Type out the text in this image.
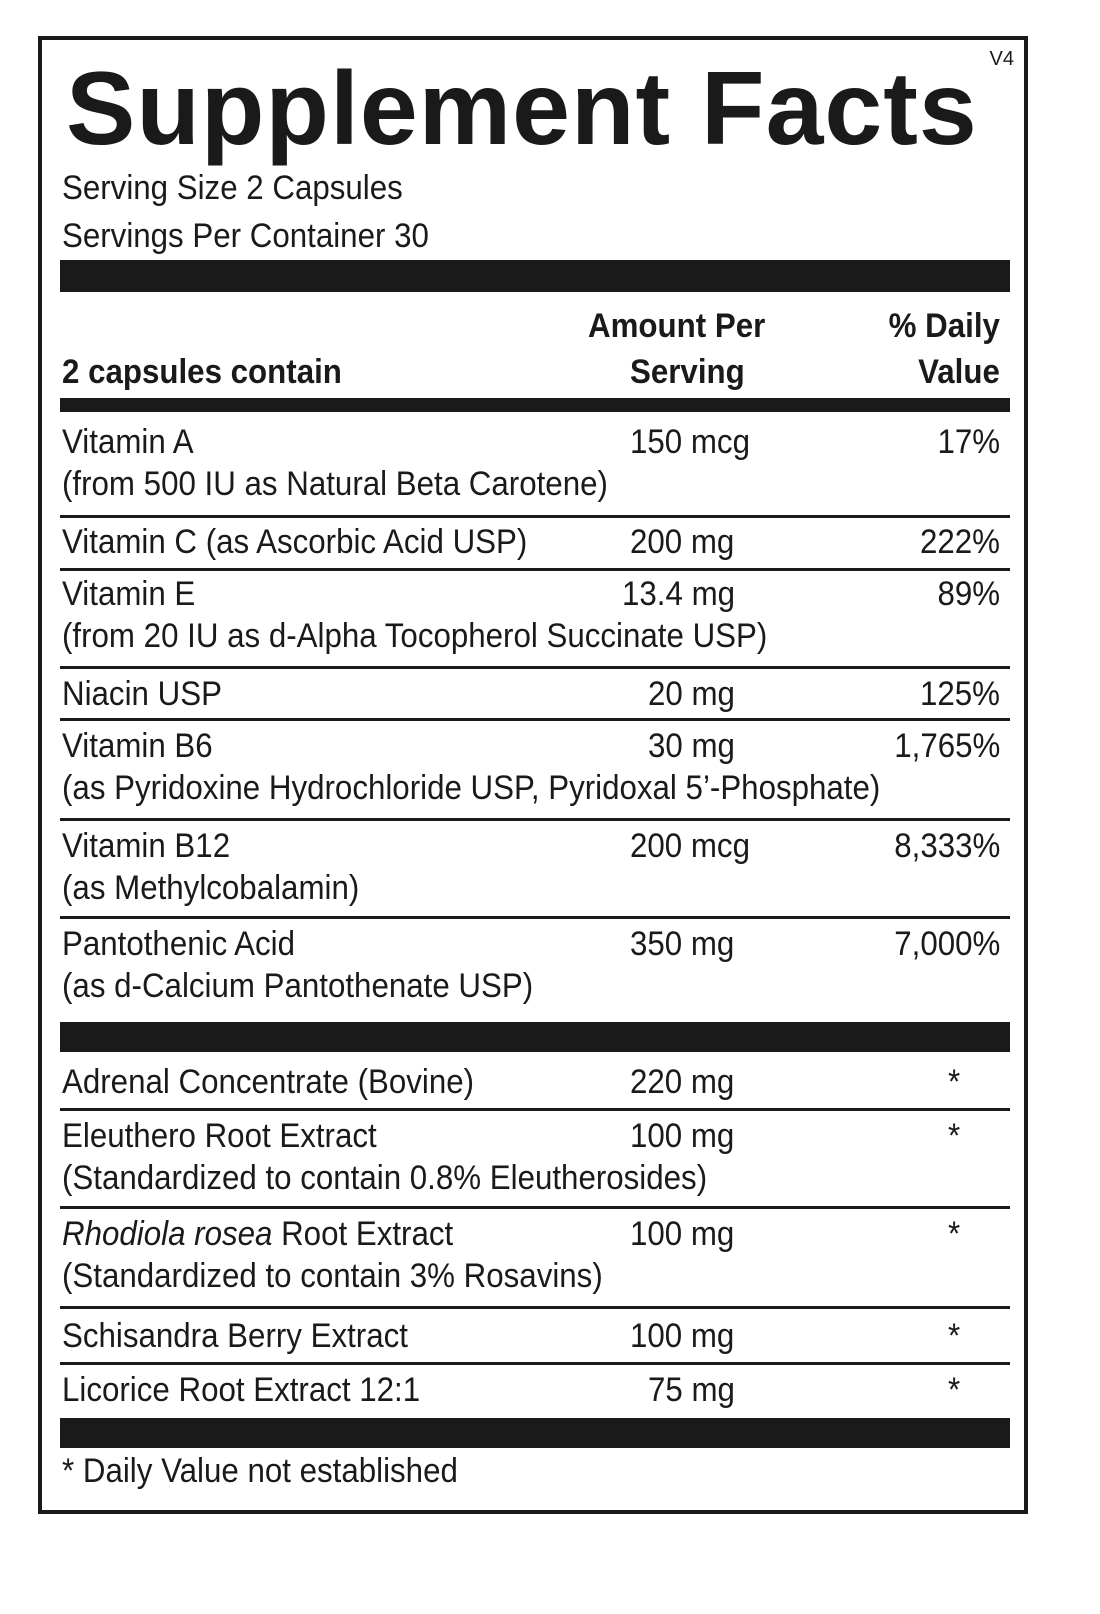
V4
Supplement Facts
Serving Size 2 Capsules
Servings Per Container 30
2 capsules contain
Amount Per
Serving
% Daily
Value
Vitamin A	150 mcg	17%
(from 500 IU as Natural Beta Carotene)
Vitamin C (as Ascorbic Acid USP)	200 mg	222%
Vitamin E	13.4 mg	89%
(from 20 IU as d-Alpha Tocopherol Succinate USP)
Niacin USP	20 mg	125%
Vitamin B6	30 mg	1,765%
(as Pyridoxine Hydrochloride USP, Pyridoxal 5’-Phosphate)
Vitamin B12	200 mcg	8,333%
(as Methylcobalamin)
Pantothenic Acid	350 mg	7,000%
(as d-Calcium Pantothenate USP)
Adrenal Concentrate (Bovine)	220 mg	*
Eleuthero Root Extract	100 mg	*
(Standardized to contain 0.8% Eleutherosides)
Rhodiola rosea Root Extract	100 mg	*
(Standardized to contain 3% Rosavins)
Schisandra Berry Extract	100 mg	*
Licorice Root Extract 12:1	75 mg	*
* Daily Value not established
